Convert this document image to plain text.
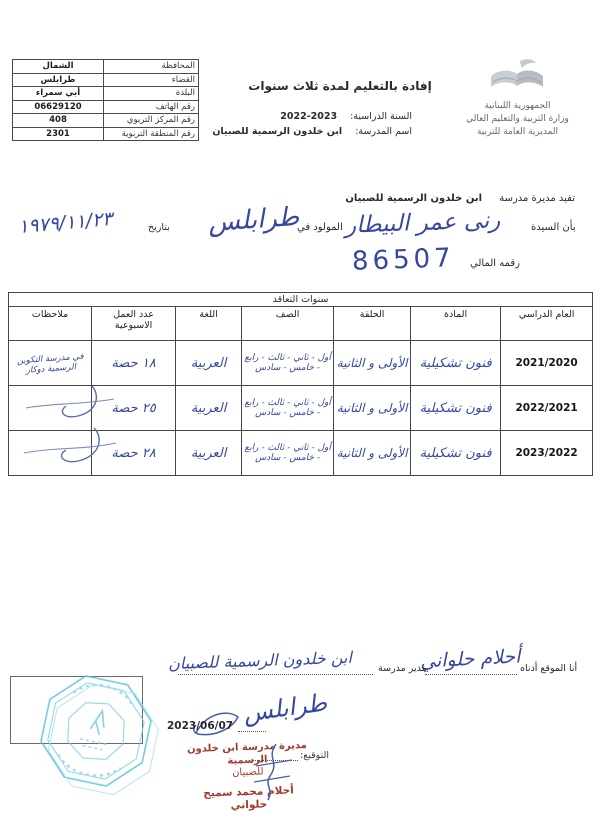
الجمهورية اللبنانية
وزارة التربية والتعليم العالي
المديرية العامة للتربية
إفادة بالتعليم لمدة ثلاث سنوات
السنة الدراسية: 2023-2022
اسم المدرسة: ابن خلدون الرسمية للصبيان
المحافظة	الشمال
القضاء	طرابلس
البلدة	أبي سمراء
رقم الهاتف	06629120
رقم المركز التربوي	408
رقم المنطقة التربوية	2301
تفيد مديرة مدرسة ابن خلدون الرسمية للصبيان
بأن السيدة
رنى عمر البيطار
المولود في
طرابلس
بتاريخ
١٩٧٩/١١/٢٣
رقمه المالي
86507
سنوات التعاقد						
العام الدراسي	المادة	الحلقة	الصف	اللغة	عدد العمل الاسبوعية	ملاحظات
2021/2020	فنون تشكيلية	الأولى و الثانية	أول - ثاني - ثالث - رابع - خامس - سادس	العربية	١٨ حصة	في مدرسة التكوين الرسمية دوكار
2022/2021	فنون تشكيلية	الأولى و الثانية	أول - ثاني - ثالث - رابع - خامس - سادس	العربية	٢٥ حصة	
2023/2022	فنون تشكيلية	الأولى و الثانية	أول - ثاني - ثالث - رابع - خامس - سادس	العربية	٢٨ حصة	
أنا الموقع أدناه
أحلام حلواني
مدير مدرسة
ابن خلدون الرسمية للصبيان
طرابلس
2023/06/07
التوقيع:
مديرة مدرسة ابن خلدون الرسمية
للصبيان
أحلام محمد سميح حلواني
